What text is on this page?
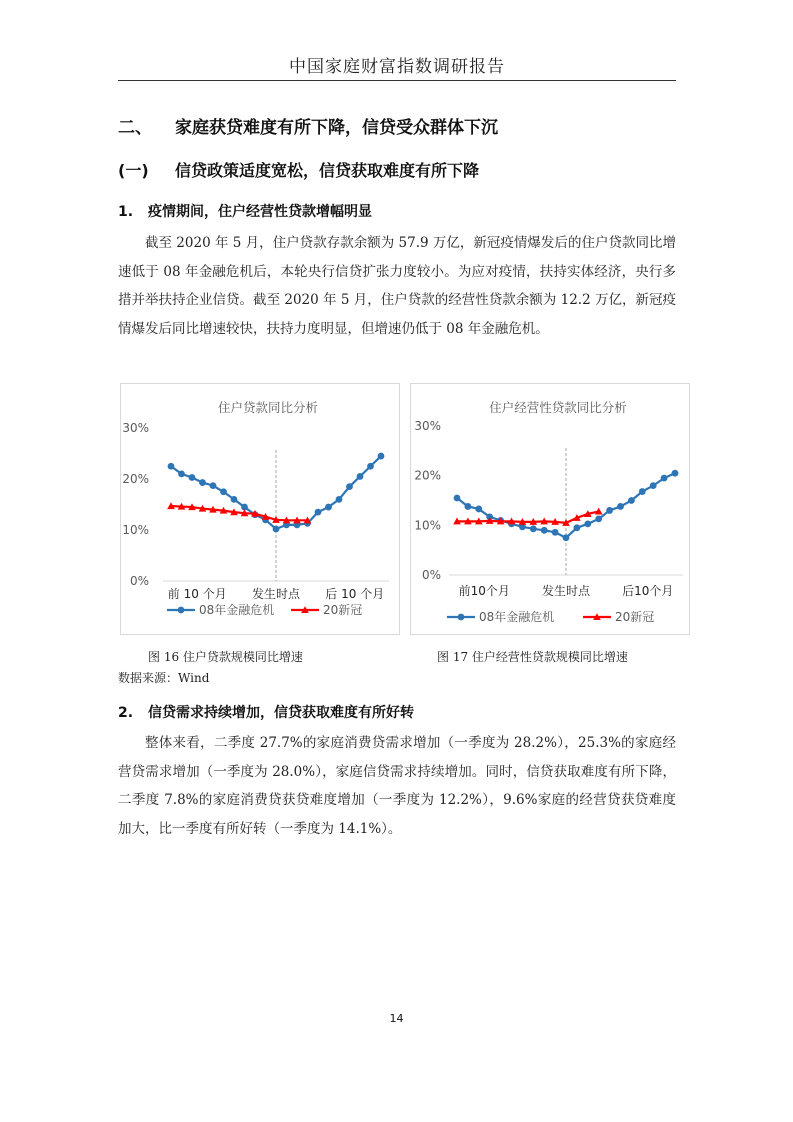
中国家庭财富指数调研报告
二、 家庭获贷难度有所下降，信贷受众群体下沉
(一) 信贷政策适度宽松，信贷获取难度有所下降
1. 疫情期间，住户经营性贷款增幅明显
截至 2020 年 5 月，住户贷款存款余额为 57.9 万亿，新冠疫情爆发后的住户贷款同比增速低于 08 年金融危机后，本轮央行信贷扩张力度较小。为应对疫情，扶持实体经济，央行多措并举扶持企业信贷。截至 2020 年 5 月，住户贷款的经营性贷款余额为 12.2 万亿，新冠疫情爆发后同比增速较快，扶持力度明显，但增速仍低于 08 年金融危机。
住户贷款同比分析
0%
10%
20%
30%
前 10 个月 发生时点 后 10 个月
08年金融危机	20新冠
住户经营性贷款同比分析
0%
10%
20%
30%
前10个月	发生时点	后10个月
08年金融危机	20新冠
图 16 住户贷款规模同比增速	图 17 住户经营性贷款规模同比增速
数据来源：Wind
2. 信贷需求持续增加，信贷获取难度有所好转
整体来看，二季度 27.7%的家庭消费贷需求增加（一季度为 28.2%），25.3%的家庭经营贷需求增加（一季度为 28.0%），家庭信贷需求持续增加。同时，信贷获取难度有所下降，二季度 7.8%的家庭消费贷获贷难度增加（一季度为 12.2%），9.6%家庭的经营贷获贷难度加大，比一季度有所好转（一季度为 14.1%）。
14
